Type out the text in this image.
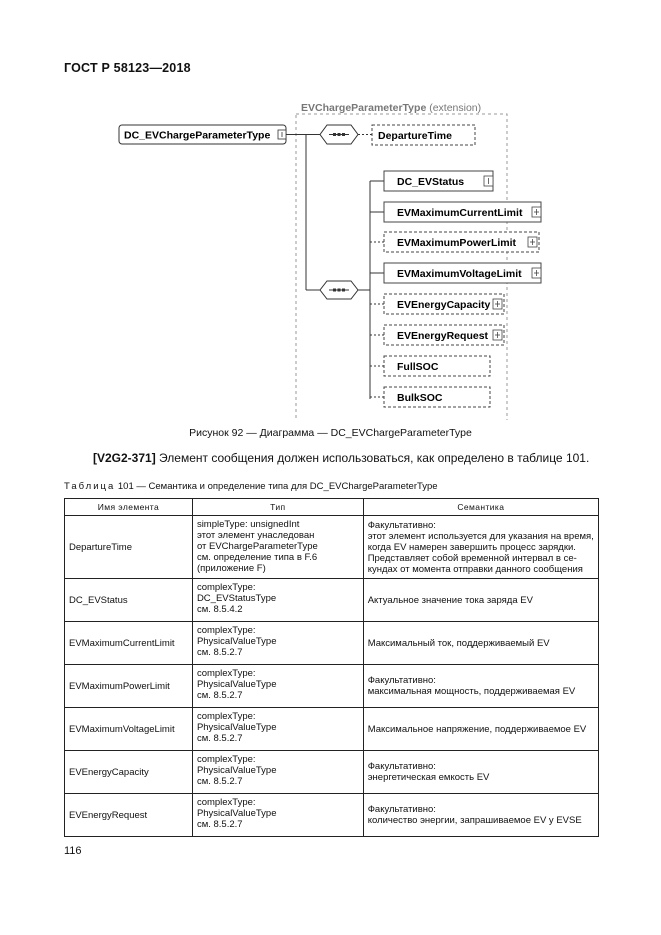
ГОСТ Р 58123—2018
EVChargeParameterType (extension)
DC_EVChargeParameterType	DepartureTime
DC_EVStatus
EVMaximumCurrentLimit
EVMaximumPowerLimit
EVMaximumVoltageLimit
EVEnergyCapacity
EVEnergyRequest
FullSOC
BulkSOC
Рисунок 92 — Диаграмма — DC_EVChargeParameterType
[V2G2-371] Элемент сообщения должен использоваться, как определено в таблице 101.
Таблица 101 — Семантика и определение типа для DC_EVChargeParameterType
Имя элемента	Тип	Семантика
DepartureTime	simpleType: unsignedInt
этот элемент унаследован
от EVChargeParameterType
см. определение типа в F.6
(приложение F)	Факультативно:
этот элемент используется для указания на время,
когда EV намерен завершить процесс зарядки.
Представляет собой временной интервал в се-
кундах от момента отправки данного сообщения
DC_EVStatus	complexType:
DC_EVStatusType
см. 8.5.4.2	Актуальное значение тока заряда EV
EVMaximumCurrentLimit	complexType:
PhysicalValueType
см. 8.5.2.7	Максимальный ток, поддерживаемый EV
EVMaximumPowerLimit	complexType:
PhysicalValueType
см. 8.5.2.7	Факультативно:
максимальная мощность, поддерживаемая EV
EVMaximumVoltageLimit	complexType:
PhysicalValueType
см. 8.5.2.7	Максимальное напряжение, поддерживаемое EV
EVEnergyCapacity	complexType:
PhysicalValueType
см. 8.5.2.7	Факультативно:
энергетическая емкость EV
EVEnergyRequest	complexType:
PhysicalValueType
см. 8.5.2.7	Факультативно:
количество энергии, запрашиваемое EV у EVSE
116
